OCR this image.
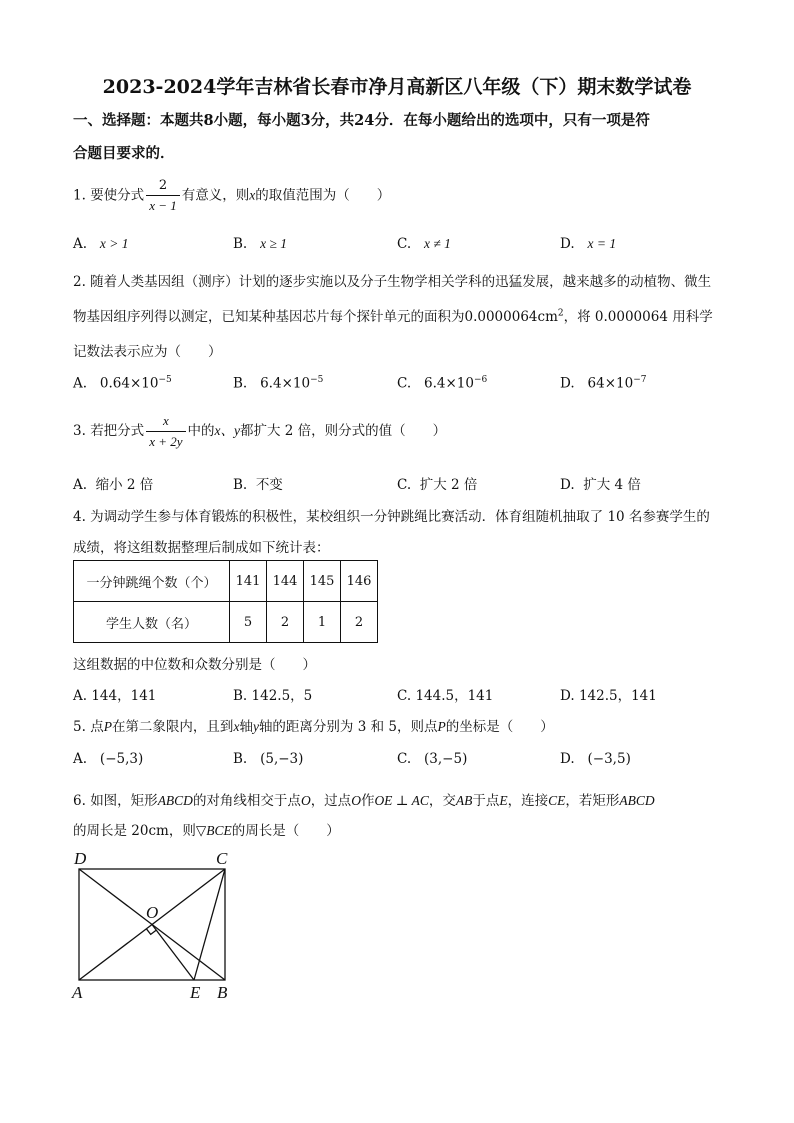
2023-2024学年吉林省长春市净月高新区八年级（下）期末数学试卷
一、选择题：本题共8小题，每小题3分，共24分．在每小题给出的选项中，只有一项是符
合题目要求的．
1. 要使分式 $\frac{2}{x - 1}$ 有意义，则x的取值范围为（　　）
A. x > 1	B. x ≥ 1	C. x ≠ 1	D. x = 1
2. 随着人类基因组（测序）计划的逐步实施以及分子生物学相关学科的迅猛发展，越来越多的动植物、微生
物基因组序列得以测定，已知某种基因芯片每个探针单元的面积为$0.0000064cm^2$，将 0.0000064 用科学
记数法表示应为（　　）
A. $0.64\times 10^{-5}$	B. $6.4\times 10^{-5}$	C. $6.4\times 10^{-6}$	D. $64\times 10^{-7}$
3. 若把分式 $\frac{x}{x + 2y}$ 中的x、y都扩大 2 倍，则分式的值（　　）
A. 缩小 2 倍	B. 不变	C. 扩大 2 倍	D. 扩大 4 倍
4. 为调动学生参与体育锻炼的积极性，某校组织一分钟跳绳比赛活动．体育组随机抽取了 10 名参赛学生的
成绩，将这组数据整理后制成如下统计表：
一分钟跳绳个数（个）	141	144	145	146
学生人数（名）	5	2	1	2
这组数据的中位数和众数分别是（　　）
A. 144，141	B. 142.5，5	C. 144.5，141	D. 142.5，141
5. 点P在第二象限内，且到x轴y轴的距离分别为 3 和 5，则点P的坐标是（　　）
A. (−5,3)	B. (5,−3)	C. (3,−5)	D. (−3,5)
6. 如图，矩形ABCD的对角线相交于点O，过点O作OE ⊥ AC，交AB于点E，连接CE，若矩形ABCD
的周长是 20cm，则▽BCE的周长是（　　）
D	C
O
A	E B
